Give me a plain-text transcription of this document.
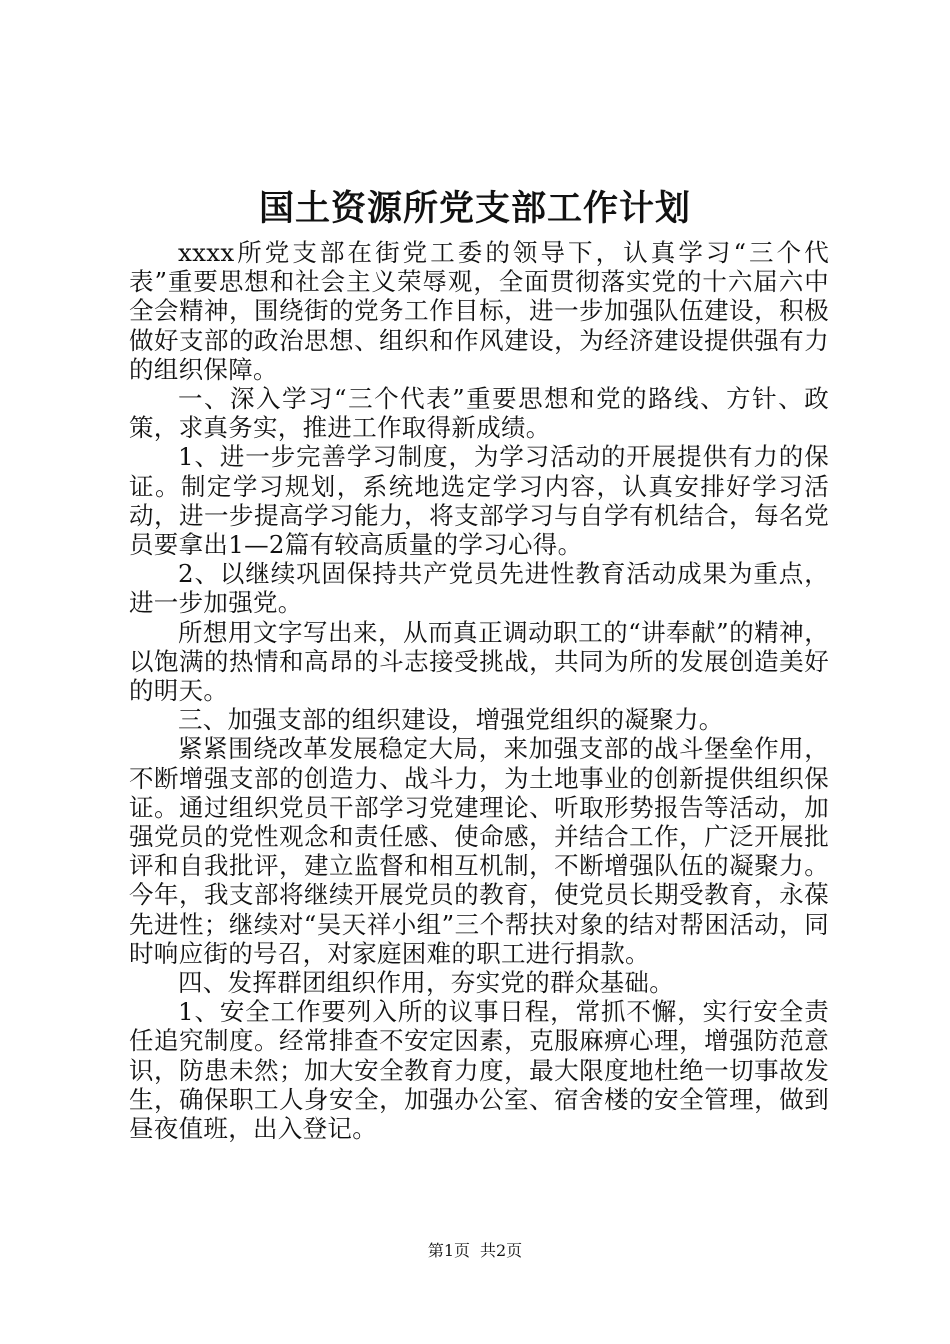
国土资源所党支部工作计划

xxxx所党支部在街党工委的领导下，认真学习“三个代表”重要思想和社会主义荣辱观，全面贯彻落实党的十六届六中全会精神，围绕街的党务工作目标，进一步加强队伍建设，积极做好支部的政治思想、组织和作风建设，为经济建设提供强有力的组织保障。

一、深入学习“三个代表”重要思想和党的路线、方针、政策，求真务实，推进工作取得新成绩。

1、进一步完善学习制度，为学习活动的开展提供有力的保证。制定学习规划，系统地选定学习内容，认真安排好学习活动，进一步提高学习能力，将支部学习与自学有机结合，每名党员要拿出1—2篇有较高质量的学习心得。

2、以继续巩固保持共产党员先进性教育活动成果为重点，进一步加强党。

所想用文字写出来，从而真正调动职工的“讲奉献”的精神，以饱满的热情和高昂的斗志接受挑战，共同为所的发展创造美好的明天。

三、加强支部的组织建设，增强党组织的凝聚力。

紧紧围绕改革发展稳定大局，来加强支部的战斗堡垒作用，不断增强支部的创造力、战斗力，为土地事业的创新提供组织保证。通过组织党员干部学习党建理论、听取形势报告等活动，加强党员的党性观念和责任感、使命感，并结合工作，广泛开展批评和自我批评，建立监督和相互机制，不断增强队伍的凝聚力。今年，我支部将继续开展党员的教育，使党员长期受教育，永葆先进性；继续对“吴天祥小组”三个帮扶对象的结对帮困活动，同时响应街的号召，对家庭困难的职工进行捐款。

四、发挥群团组织作用，夯实党的群众基础。

1、安全工作要列入所的议事日程，常抓不懈，实行安全责任追究制度。经常排查不安定因素，克服麻痹心理，增强防范意识，防患未然；加大安全教育力度，最大限度地杜绝一切事故发生，确保职工人身安全，加强办公室、宿舍楼的安全管理，做到昼夜值班，出入登记。

第1页 共2页
